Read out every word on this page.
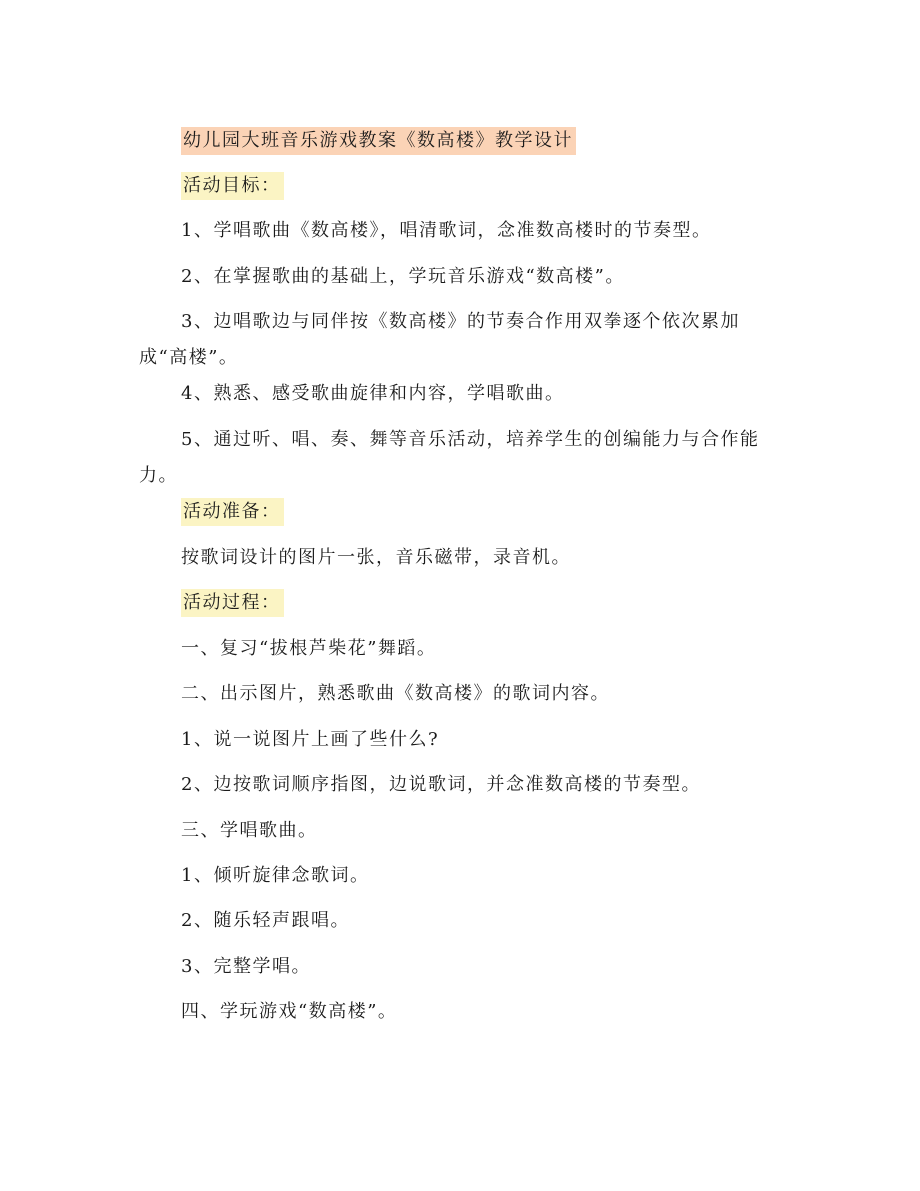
幼儿园大班音乐游戏教案《数高楼》教学设计
活动目标：
1、学唱歌曲《数高楼》，唱清歌词，念准数高楼时的节奏型。
2、在掌握歌曲的基础上，学玩音乐游戏“数高楼”。
3、边唱歌边与同伴按《数高楼》的节奏合作用双拳逐个依次累加成“高楼”。
4、熟悉、感受歌曲旋律和内容，学唱歌曲。
5、通过听、唱、奏、舞等音乐活动，培养学生的创编能力与合作能力。
活动准备：
按歌词设计的图片一张，音乐磁带，录音机。
活动过程：
一、复习“拔根芦柴花”舞蹈。
二、出示图片，熟悉歌曲《数高楼》的歌词内容。
1、说一说图片上画了些什么?
2、边按歌词顺序指图，边说歌词，并念准数高楼的节奏型。
三、学唱歌曲。
1、倾听旋律念歌词。
2、随乐轻声跟唱。
3、完整学唱。
四、学玩游戏“数高楼”。
